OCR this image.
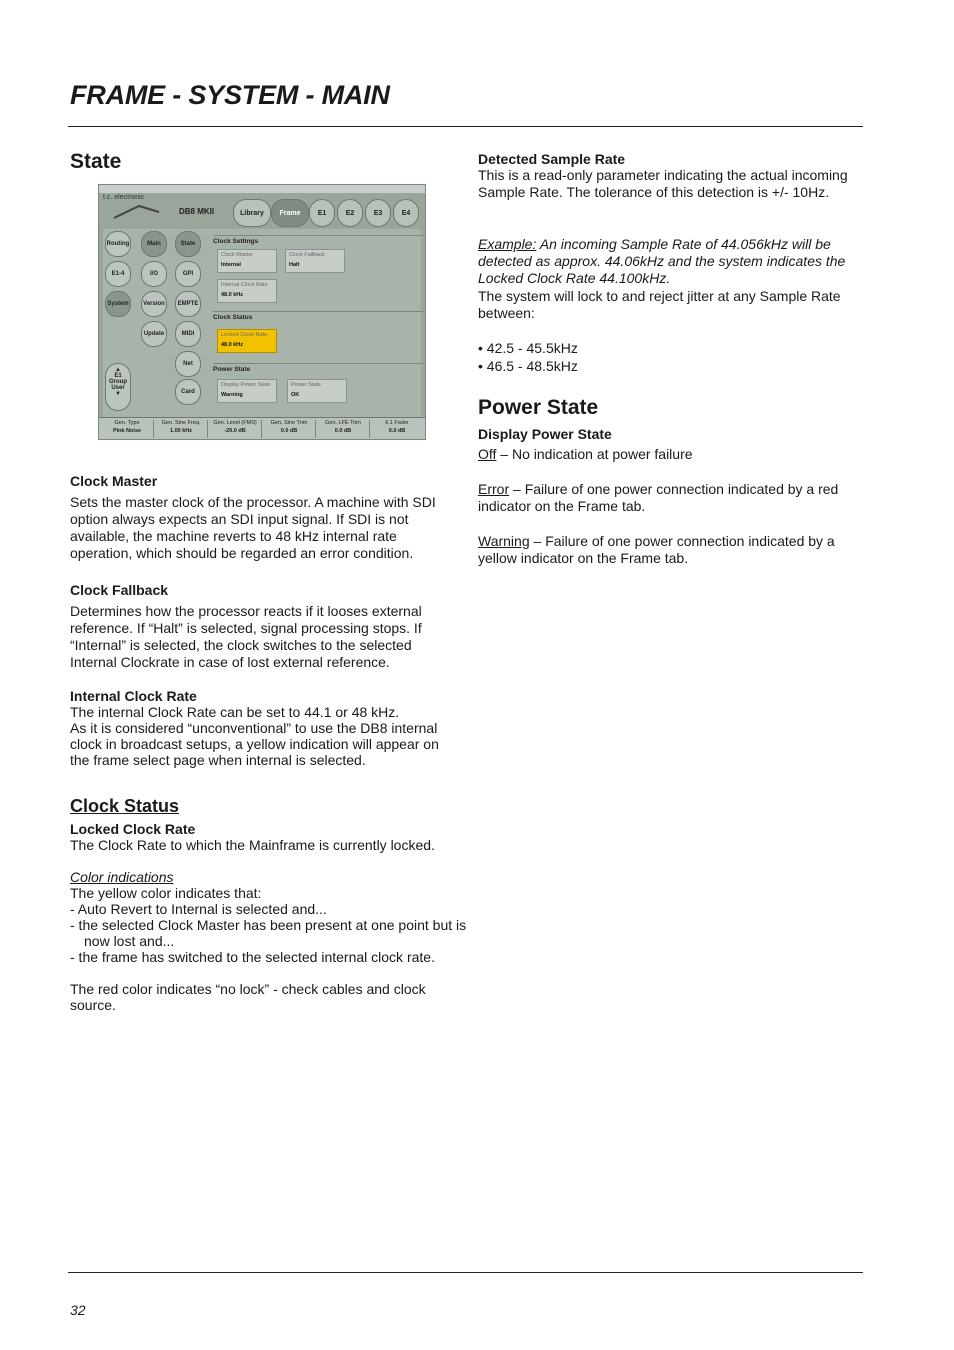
FRAME - SYSTEM - MAIN
State
t.c. electronic
DB8 MKII	Library	Frame	E1	E2	E3	E4
Routing
E1-4
System
Main
I/O
Version
Update
State
GPI
EMPTE
MIDI
Net
Card
Clock Settings
Clock Status
Power State
Clock Master
Internal
Clock Fallback
Halt
Internal Clock Rate
48.0 kHz
Locked Clock Rate
48.0 kHz
Display Power State
Warning
Power State
OK
▲
E1
Group
User
▼
Gen. Type
Pink Noise
Gen. Sine Freq.
1.00 kHz
Gen. Level (FMS)
-20.0 dB
Gen. Sine Trim
0.0 dB
Gen. LFE Trim
0.0 dB
6.1 Fader
0.0 dB
Clock Master

Sets the master clock of the processor. A machine with SDI option always expects an SDI input signal. If SDI is not available, the machine reverts to 48 kHz internal rate operation, which should be regarded an error condition.

Clock Fallback

Determines how the processor reacts if it looses external reference. If “Halt” is selected, signal processing stops. If “Internal” is selected, the clock switches to the selected Internal Clockrate in case of lost external reference.

Internal Clock Rate

The internal Clock Rate can be set to 44.1 or 48 kHz.

As it is considered “unconventional” to use the DB8 internal clock in broadcast setups, a yellow indication will appear on the frame select page when internal is selected.

Clock Status
Locked Clock Rate

The Clock Rate to which the Mainframe is currently locked.

Color indications

The yellow color indicates that:

- Auto Revert to Internal is selected and...
- the selected Clock Master has been present at one point but is now lost and...
- the frame has switched to the selected internal clock rate.

The red color indicates “no lock” - check cables and clock source.

Detected Sample Rate

This is a read-only parameter indicating the actual incoming Sample Rate. The tolerance of this detection is +/- 10Hz.

Example: An incoming Sample Rate of 44.056kHz will be detected as approx. 44.06kHz and the system indicates the Locked Clock Rate 44.100kHz.

The system will lock to and reject jitter at any Sample Rate between:

• 42.5 - 45.5kHz
• 46.5 - 48.5kHz
Power State
Display Power State

Off – No indication at power failure

Error – Failure of one power connection indicated by a red indicator on the Frame tab.

Warning – Failure of one power connection indicated by a yellow indicator on the Frame tab.

32
